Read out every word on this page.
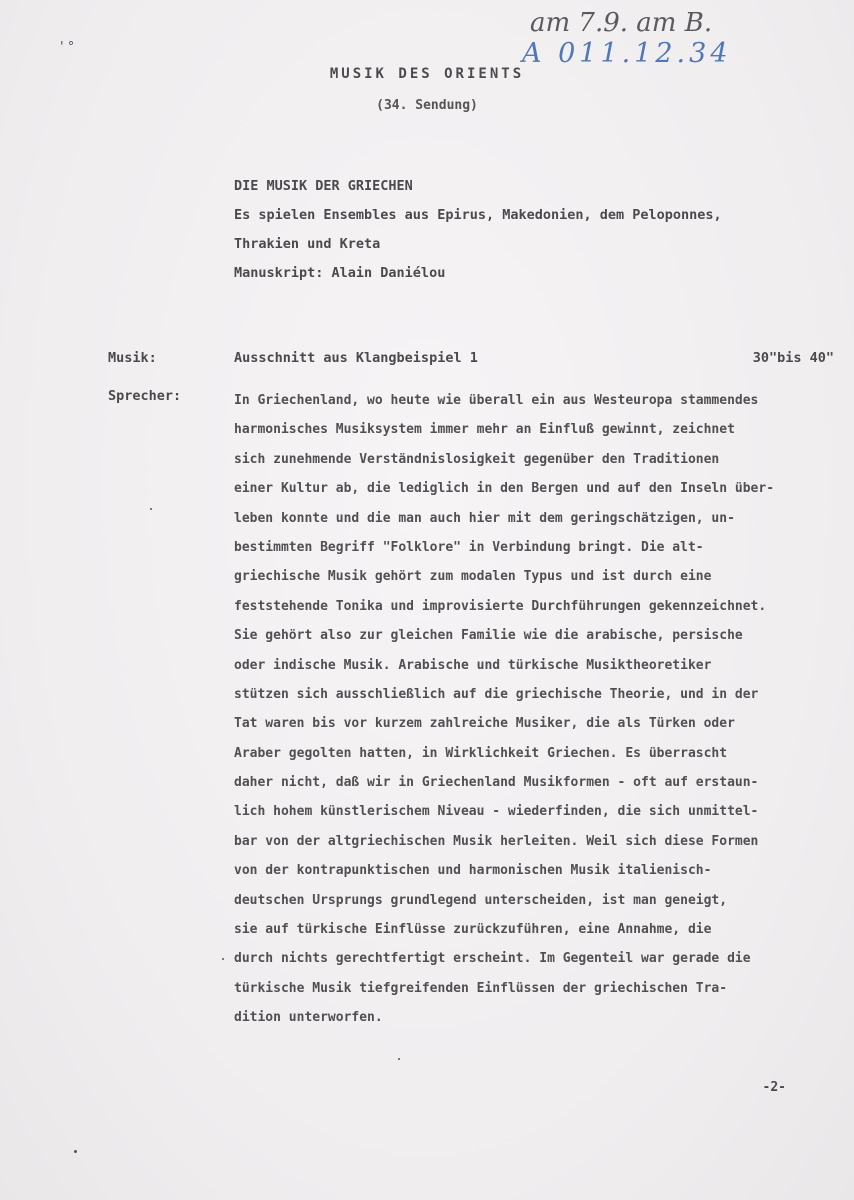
am 7.9. am B.
A 011.12.34
' °
MUSIK DES ORIENTS
(34. Sendung)
DIE MUSIK DER GRIECHEN
Es spielen Ensembles aus Epirus, Makedonien, dem Peloponnes,
Thrakien und Kreta
Manuskript: Alain Daniélou
Musik:	Ausschnitt aus Klangbeispiel 1	30"bis 40"
Sprecher:	In Griechenland, wo heute wie überall ein aus Westeuropa stammendes
harmonisches Musiksystem immer mehr an Einfluß gewinnt, zeichnet
sich zunehmende Verständnislosigkeit gegenüber den Traditionen
einer Kultur ab, die lediglich in den Bergen und auf den Inseln über-
leben konnte und die man auch hier mit dem geringschätzigen, un-
bestimmten Begriff "Folklore" in Verbindung bringt. Die alt-
griechische Musik gehört zum modalen Typus und ist durch eine
feststehende Tonika und improvisierte Durchführungen gekennzeichnet.
Sie gehört also zur gleichen Familie wie die arabische, persische
oder indische Musik. Arabische und türkische Musiktheoretiker
stützen sich ausschließlich auf die griechische Theorie, und in der
Tat waren bis vor kurzem zahlreiche Musiker, die als Türken oder
Araber gegolten hatten, in Wirklichkeit Griechen. Es überrascht
daher nicht, daß wir in Griechenland Musikformen - oft auf erstaun-
lich hohem künstlerischem Niveau - wiederfinden, die sich unmittel-
bar von der altgriechischen Musik herleiten. Weil sich diese Formen
von der kontrapunktischen und harmonischen Musik italienisch-
deutschen Ursprungs grundlegend unterscheiden, ist man geneigt,
sie auf türkische Einflüsse zurückzuführen, eine Annahme, die
durch nichts gerechtfertigt erscheint. Im Gegenteil war gerade die
türkische Musik tiefgreifenden Einflüssen der griechischen Tra-
dition unterworfen.
-2-
